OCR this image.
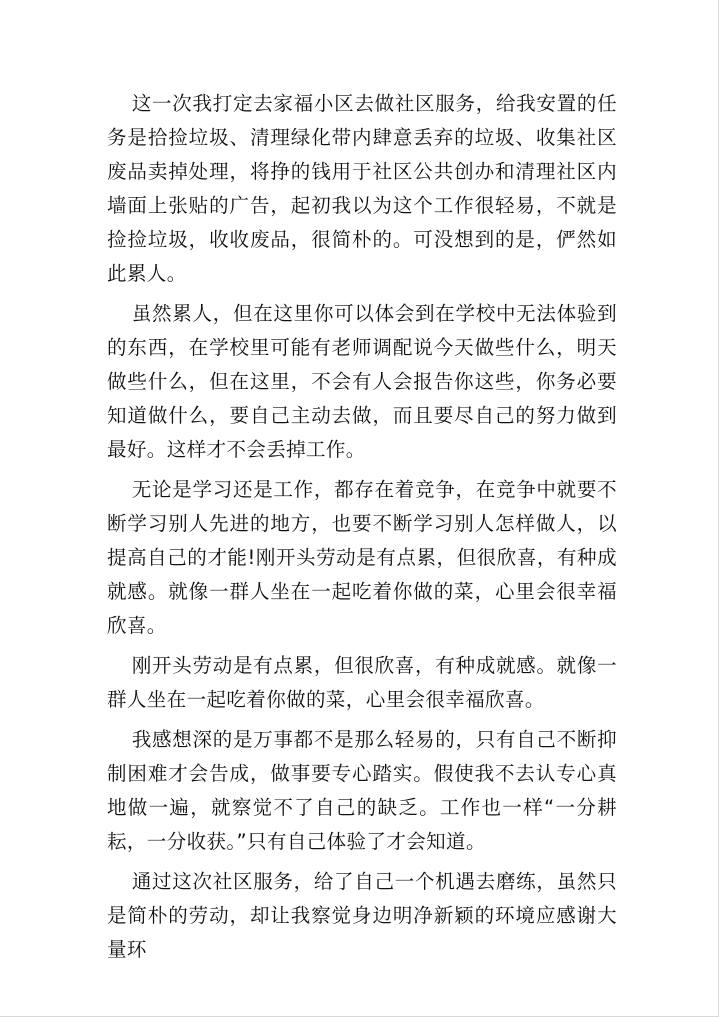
这一次我打定去家福小区去做社区服务，给我安置的任务是拾捡垃圾、清理绿化带内肆意丢弃的垃圾、收集社区废品卖掉处理，将挣的钱用于社区公共创办和清理社区内墙面上张贴的广告，起初我以为这个工作很轻易，不就是捡捡垃圾，收收废品，很简朴的。可没想到的是，俨然如此累人。

虽然累人，但在这里你可以体会到在学校中无法体验到的东西，在学校里可能有老师调配说今天做些什么，明天做些什么，但在这里，不会有人会报告你这些，你务必要知道做什么，要自己主动去做，而且要尽自己的努力做到最好。这样才不会丢掉工作。

无论是学习还是工作，都存在着竞争，在竞争中就要不断学习别人先进的地方，也要不断学习别人怎样做人，以提高自己的才能!刚开头劳动是有点累，但很欣喜，有种成就感。就像一群人坐在一起吃着你做的菜，心里会很幸福欣喜。

刚开头劳动是有点累，但很欣喜，有种成就感。就像一群人坐在一起吃着你做的菜，心里会很幸福欣喜。

我感想深的是万事都不是那么轻易的，只有自己不断抑制困难才会告成，做事要专心踏实。假使我不去认专心真地做一遍，就察觉不了自己的缺乏。工作也一样“一分耕耘，一分收获。”只有自己体验了才会知道。

通过这次社区服务，给了自己一个机遇去磨练，虽然只是简朴的劳动，却让我察觉身边明净新颖的环境应感谢大量环
